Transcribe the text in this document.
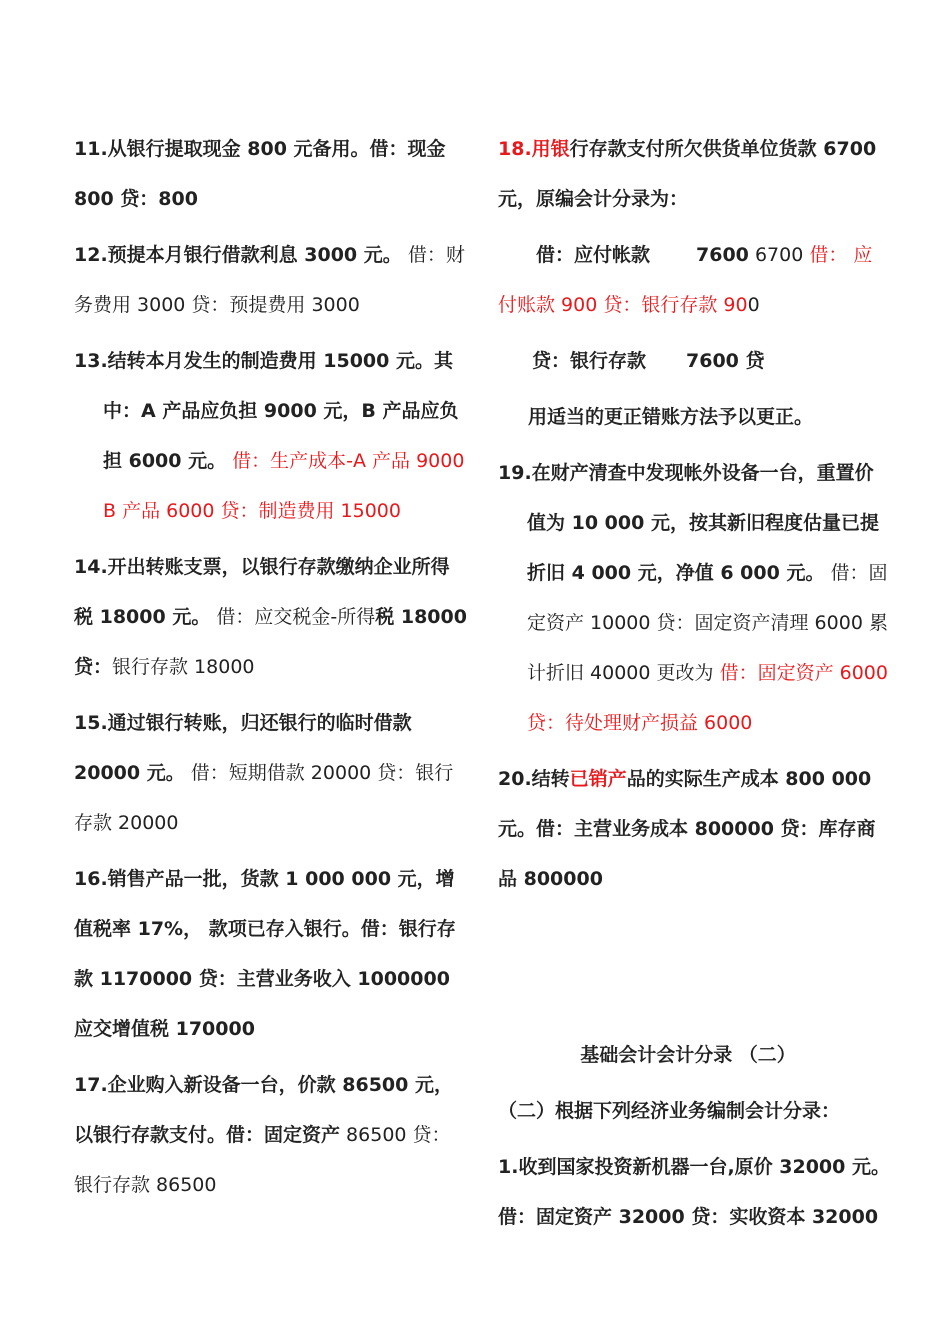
11.从银行提取现金 800 元备用。借：现金
800 贷：800
12.预提本月银行借款利息 3000 元。 借：财
务费用 3000 贷：预提费用 3000
13.结转本月发生的制造费用 15000 元。其
中：A 产品应负担 9000 元，B 产品应负
担 6000 元。 借：生产成本-A 产品 9000
B 产品 6000 贷：制造费用 15000
14.开出转账支票，以银行存款缴纳企业所得
税 18000 元。 借：应交税金-所得税 18000
贷：银行存款 18000
15.通过银行转账，归还银行的临时借款
20000 元。 借：短期借款 20000 贷：银行
存款 20000
16.销售产品一批，货款 1 000 000 元，增
值税率 17%， 款项已存入银行。借：银行存
款 1170000 贷：主营业务收入 1000000
应交增值税 170000
17.企业购入新设备一台，价款 86500 元，
以银行存款支付。借：固定资产 86500 贷：
银行存款 86500
18.用银行存款支付所欠供货单位货款 6700
元，原编会计分录为：
借：应付帐款 7600 6700 借： 应
付账款 900 贷：银行存款 900
贷：银行存款 7600 贷
用适当的更正错账方法予以更正。
19.在财产清查中发现帐外设备一台，重置价
值为 10 000 元，按其新旧程度估量已提
折旧 4 000 元，净值 6 000 元。 借：固
定资产 10000 贷：固定资产清理 6000 累
计折旧 40000 更改为 借：固定资产 6000
贷：待处理财产损益 6000
20.结转已销产品的实际生产成本 800 000
元。借：主营业务成本 800000 贷：库存商
品 800000
基础会计会计分录 （二）
（二）根据下列经济业务编制会计分录：
1.收到国家投资新机器一台,原价 32000 元。
借：固定资产 32000 贷：实收资本 32000
